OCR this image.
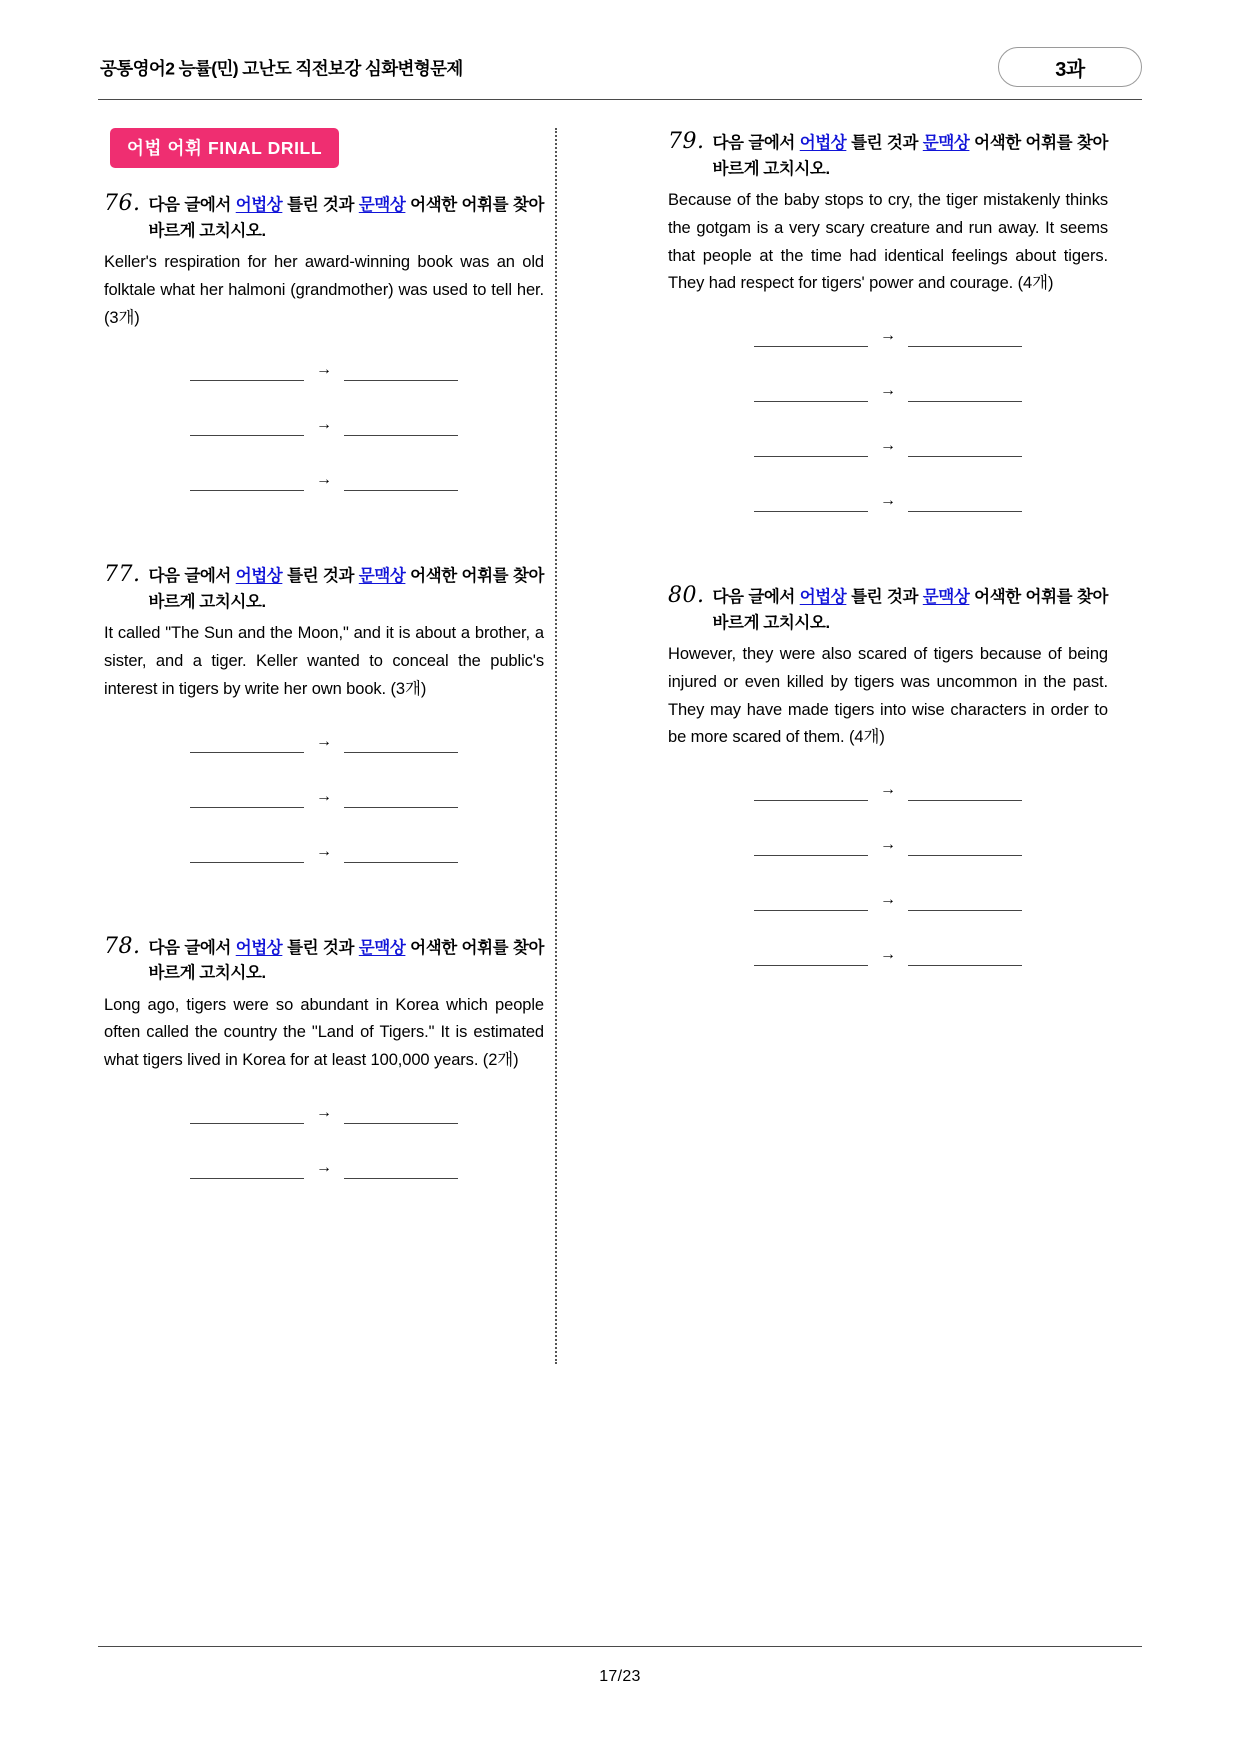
공통영어2 능률(민) 고난도 직전보강 심화변형문제	3과
어법 어휘 FINAL DRILL
76. 다음 글에서 어법상 틀린 것과 문맥상 어색한 어휘를 찾아 바르게 고치시오.
Keller's respiration for her award-winning book was an old folktale what her halmoni (grandmother) was used to tell her. (3개)
→
→
→
77. 다음 글에서 어법상 틀린 것과 문맥상 어색한 어휘를 찾아 바르게 고치시오.
It called "The Sun and the Moon," and it is about a brother, a sister, and a tiger. Keller wanted to conceal the public's interest in tigers by write her own book. (3개)
→
→
→
78. 다음 글에서 어법상 틀린 것과 문맥상 어색한 어휘를 찾아 바르게 고치시오.
Long ago, tigers were so abundant in Korea which people often called the country the "Land of Tigers." It is estimated what tigers lived in Korea for at least 100,000 years. (2개)
→
→
79. 다음 글에서 어법상 틀린 것과 문맥상 어색한 어휘를 찾아 바르게 고치시오.
Because of the baby stops to cry, the tiger mistakenly thinks the gotgam is a very scary creature and run away. It seems that people at the time had identical feelings about tigers. They had respect for tigers' power and courage. (4개)
→
→
→
→
80. 다음 글에서 어법상 틀린 것과 문맥상 어색한 어휘를 찾아 바르게 고치시오.
However, they were also scared of tigers because of being injured or even killed by tigers was uncommon in the past. They may have made tigers into wise characters in order to be more scared of them. (4개)
→
→
→
→
17/23
